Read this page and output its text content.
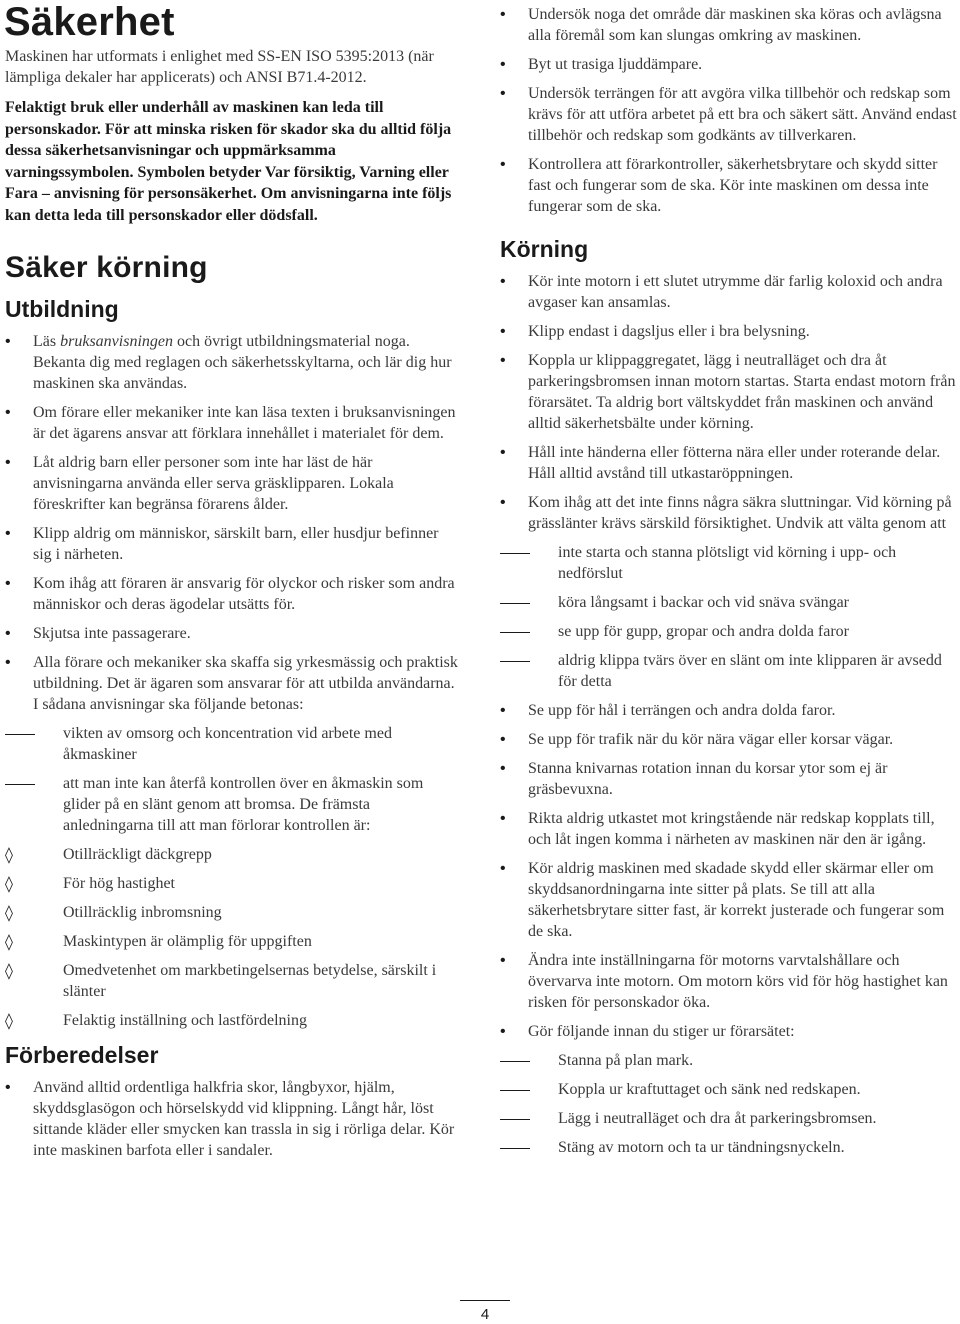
Säkerhet

Maskinen har utformats i enlighet med SS-EN ISO 5395:2013 (när lämpliga dekaler har applicerats) och ANSI B71.4-2012.

Felaktigt bruk eller underhåll av maskinen kan leda till personskador. För att minska risken för skador ska du alltid följa dessa säkerhetsanvisningar och uppmärksamma varningssymbolen. Symbolen betyder Var försiktig, Varning eller Fara – anvisning för personsäkerhet. Om anvisningarna inte följs kan detta leda till personskador eller dödsfall.

Säker körning
Utbildning
• Läs bruksanvisningen och övrigt utbildningsmaterial noga. Bekanta dig med reglagen och säkerhetsskyltarna, och lär dig hur maskinen ska användas.
• Om förare eller mekaniker inte kan läsa texten i bruksanvisningen är det ägarens ansvar att förklara innehållet i materialet för dem.
• Låt aldrig barn eller personer som inte har läst de här anvisningarna använda eller serva gräsklipparen. Lokala föreskrifter kan begränsa förarens ålder.
• Klipp aldrig om människor, särskilt barn, eller husdjur befinner sig i närheten.
• Kom ihåg att föraren är ansvarig för olyckor och risker som andra människor och deras ägodelar utsätts för.
• Skjutsa inte passagerare.
• Alla förare och mekaniker ska skaffa sig yrkesmässig och praktisk utbildning. Det är ägaren som ansvarar för att utbilda användarna. I sådana anvisningar ska följande betonas:
vikten av omsorg och koncentration vid arbete med åkmaskiner
att man inte kan återfå kontrollen över en åkmaskin som glider på en slänt genom att bromsa. De främsta anledningarna till att man förlorar kontrollen är:
◊ Otillräckligt däckgrepp
◊ För hög hastighet
◊ Otillräcklig inbromsning
◊ Maskintypen är olämplig för uppgiften
◊ Omedvetenhet om markbetingelsernas betydelse, särskilt i slänter
◊ Felaktig inställning och lastfördelning
Förberedelser
• Använd alltid ordentliga halkfria skor, långbyxor, hjälm, skyddsglasögon och hörselskydd vid klippning. Långt hår, löst sittande kläder eller smycken kan trassla in sig i rörliga delar. Kör inte maskinen barfota eller i sandaler.
• Undersök noga det område där maskinen ska köras och avlägsna alla föremål som kan slungas omkring av maskinen.
• Byt ut trasiga ljuddämpare.
• Undersök terrängen för att avgöra vilka tillbehör och redskap som krävs för att utföra arbetet på ett bra och säkert sätt. Använd endast tillbehör och redskap som godkänts av tillverkaren.
• Kontrollera att förarkontroller, säkerhetsbrytare och skydd sitter fast och fungerar som de ska. Kör inte maskinen om dessa inte fungerar som de ska.
Körning
• Kör inte motorn i ett slutet utrymme där farlig koloxid och andra avgaser kan ansamlas.
• Klipp endast i dagsljus eller i bra belysning.
• Koppla ur klippaggregatet, lägg i neutralläget och dra åt parkeringsbromsen innan motorn startas. Starta endast motorn från förarsätet. Ta aldrig bort vältskyddet från maskinen och använd alltid säkerhetsbälte under körning.
• Håll inte händerna eller fötterna nära eller under roterande delar. Håll alltid avstånd till utkastaröppningen.
• Kom ihåg att det inte finns några säkra sluttningar. Vid körning på grässlänter krävs särskild försiktighet. Undvik att välta genom att
inte starta och stanna plötsligt vid körning i upp- och nedförslut
köra långsamt i backar och vid snäva svängar
se upp för gupp, gropar och andra dolda faror
aldrig klippa tvärs över en slänt om inte klipparen är avsedd för detta
• Se upp för hål i terrängen och andra dolda faror.
• Se upp för trafik när du kör nära vägar eller korsar vägar.
• Stanna knivarnas rotation innan du korsar ytor som ej är gräsbevuxna.
• Rikta aldrig utkastet mot kringstående när redskap kopplats till, och låt ingen komma i närheten av maskinen när den är igång.
• Kör aldrig maskinen med skadade skydd eller skärmar eller om skyddsanordningarna inte sitter på plats. Se till att alla säkerhetsbrytare sitter fast, är korrekt justerade och fungerar som de ska.
• Ändra inte inställningarna för motorns varvtalshållare och övervarva inte motorn. Om motorn körs vid för hög hastighet kan risken för personskador öka.
• Gör följande innan du stiger ur förarsätet:
Stanna på plan mark.
Koppla ur kraftuttaget och sänk ned redskapen.
Lägg i neutralläget och dra åt parkeringsbromsen.
Stäng av motorn och ta ur tändningsnyckeln.
4
